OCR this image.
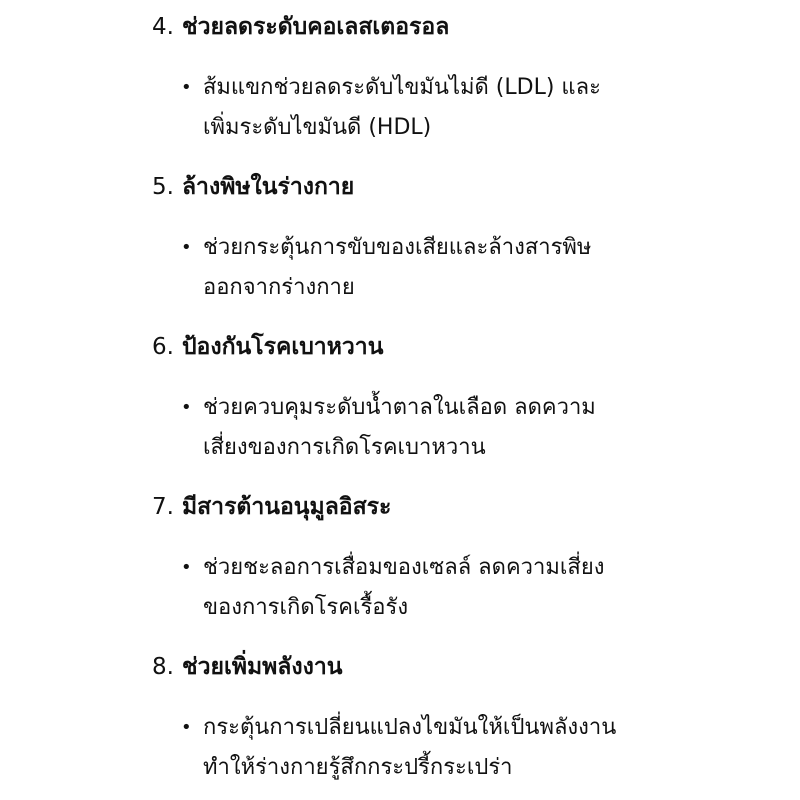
4. ช่วยลดระดับคอเลสเตอรอล
• ส้มแขกช่วยลดระดับไขมันไม่ดี (LDL) และ
เพิ่มระดับไขมันดี (HDL)
5. ล้างพิษในร่างกาย
• ช่วยกระตุ้นการขับของเสียและล้างสารพิษ
ออกจากร่างกาย
6. ป้องกันโรคเบาหวาน
• ช่วยควบคุมระดับน้ำตาลในเลือด ลดความ
เสี่ยงของการเกิดโรคเบาหวาน
7. มีสารต้านอนุมูลอิสระ
• ช่วยชะลอการเสื่อมของเซลล์ ลดความเสี่ยง
ของการเกิดโรคเรื้อรัง
8. ช่วยเพิ่มพลังงาน
• กระตุ้นการเปลี่ยนแปลงไขมันให้เป็นพลังงาน
ทำให้ร่างกายรู้สึกกระปรี้กระเปร่า
